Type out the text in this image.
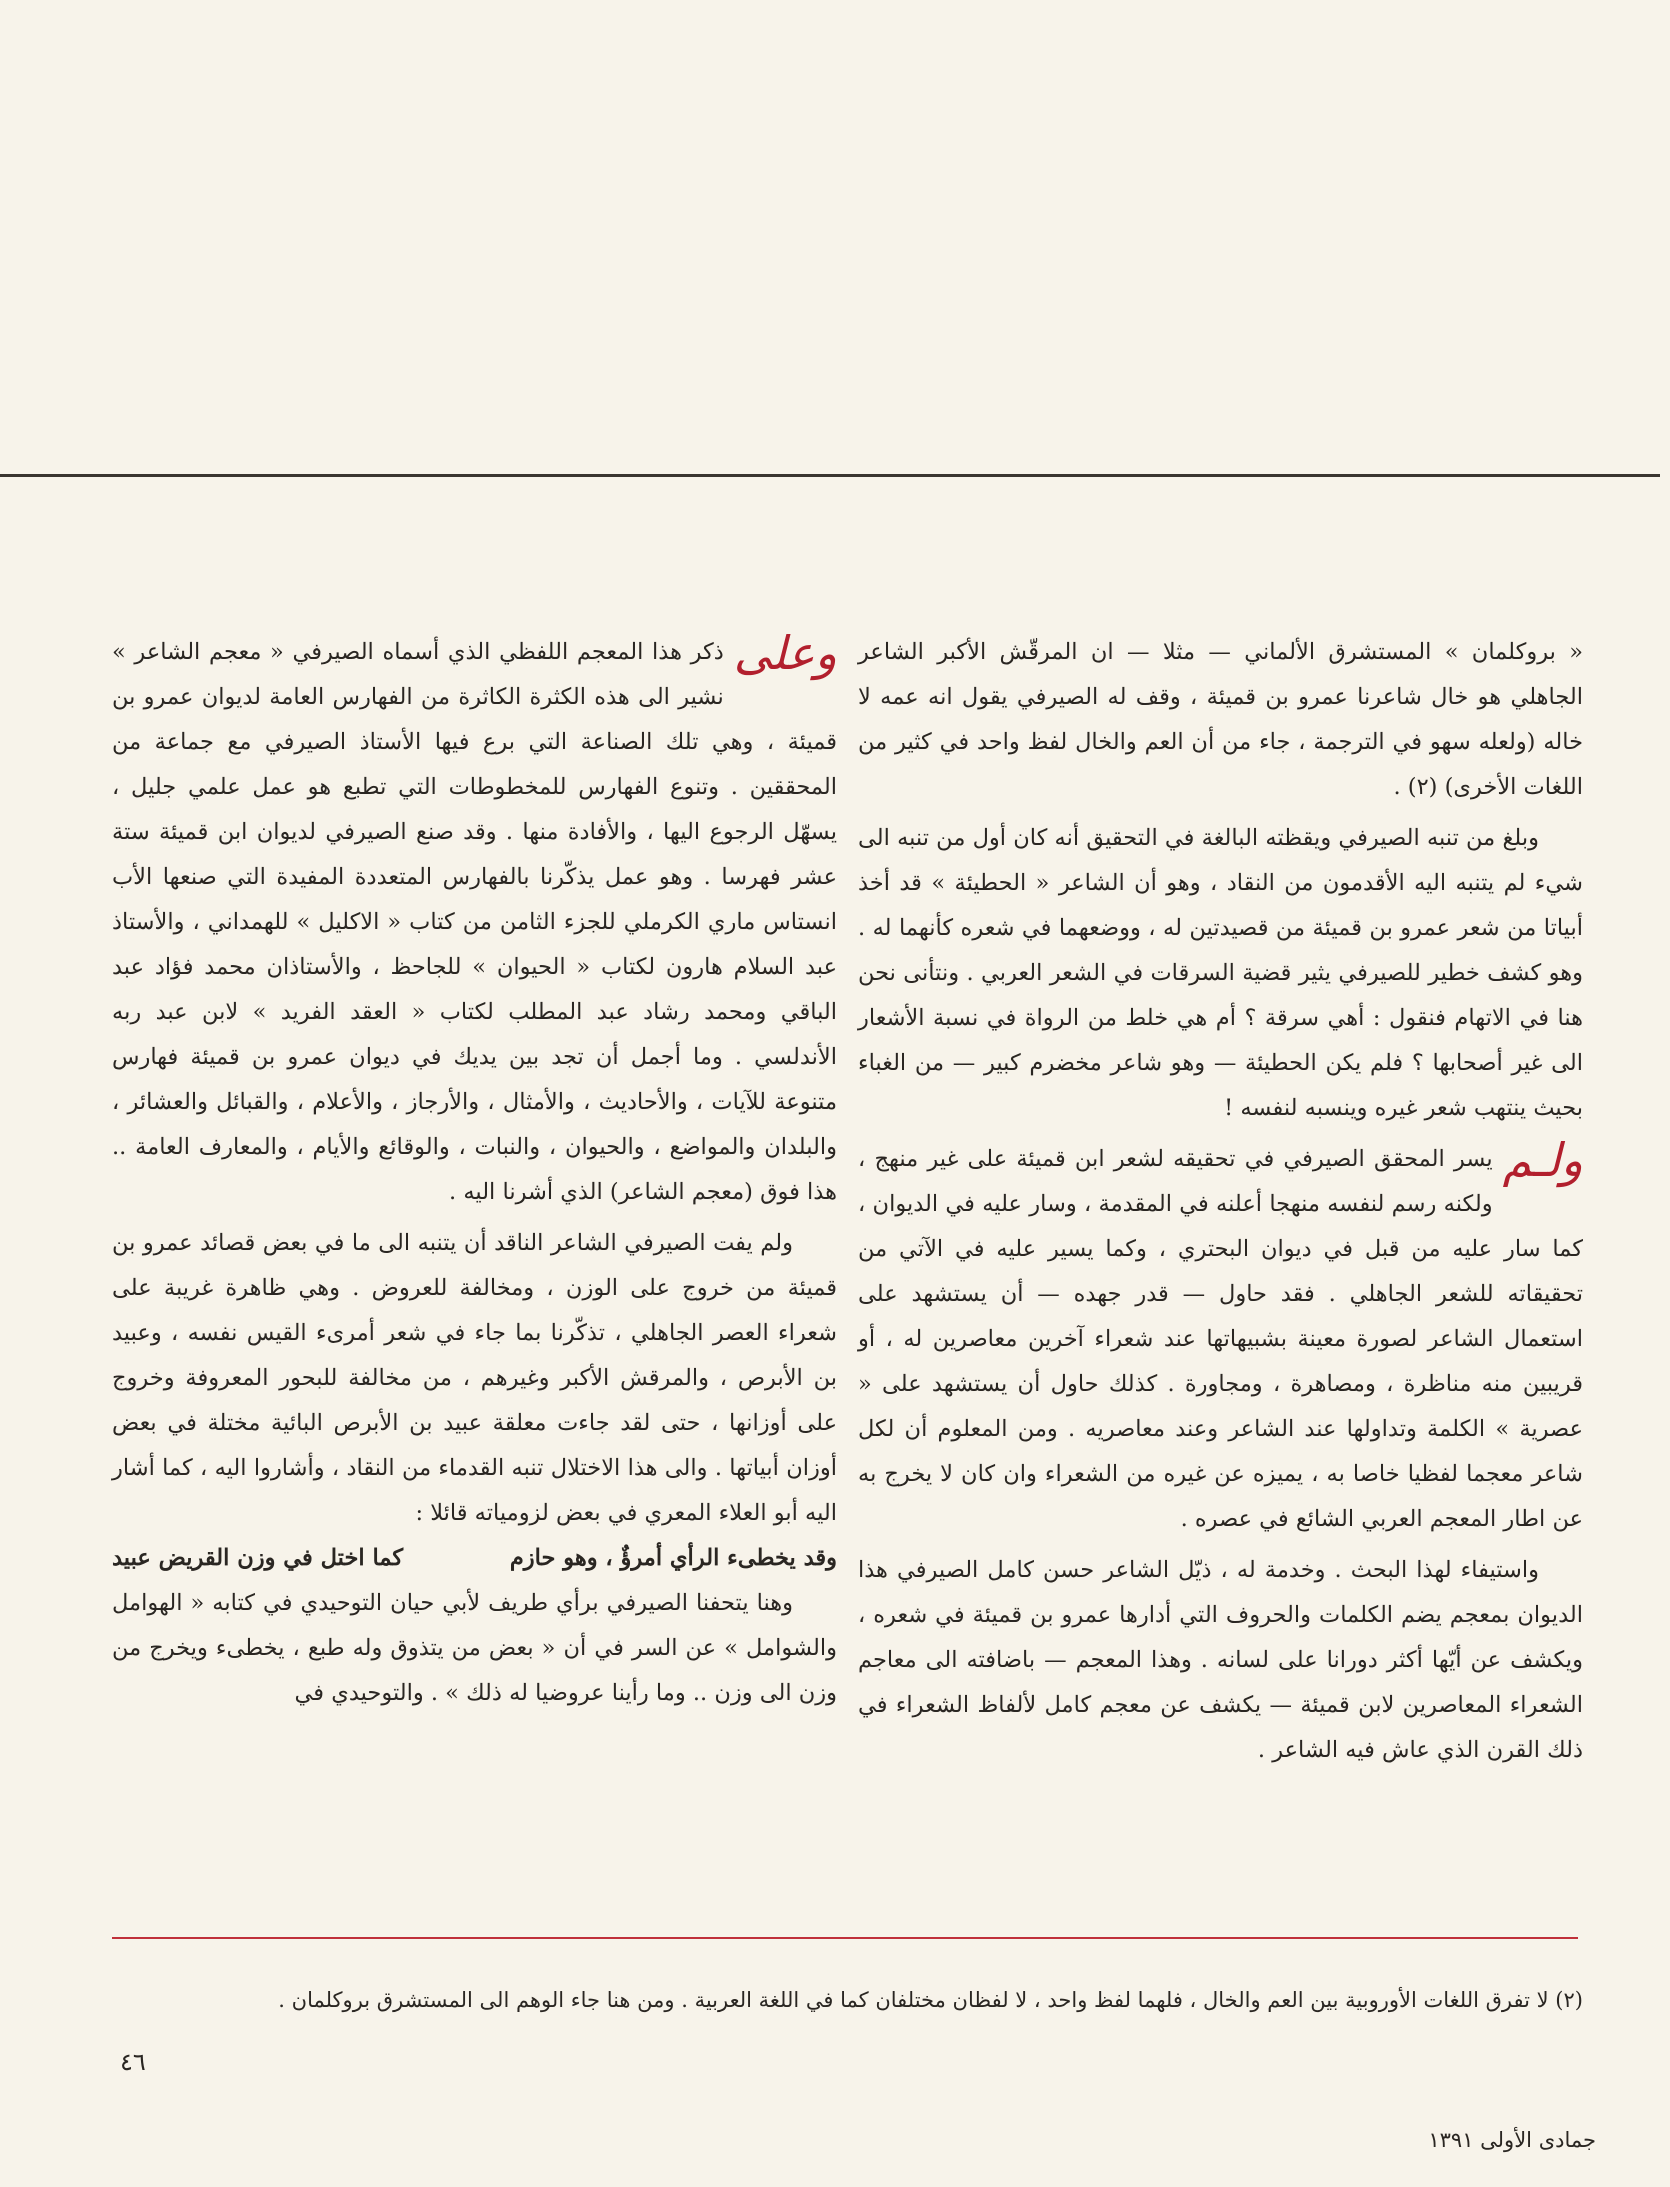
« بروكلمان » المستشرق الألماني — مثلا — ان المرقّش الأكبر الشاعر الجاهلي هو خال شاعرنا عمرو بن قميئة ، وقف له الصيرفي يقول انه عمه لا خاله (ولعله سهو في الترجمة ، جاء من أن العم والخال لفظ واحد في كثير من اللغات الأخرى) (٢) .

وبلغ من تنبه الصيرفي ويقظته البالغة في التحقيق أنه كان أول من تنبه الى شيء لم يتنبه اليه الأقدمون من النقاد ، وهو أن الشاعر « الحطيئة » قد أخذ أبياتا من شعر عمرو بن قميئة من قصيدتين له ، ووضعهما في شعره كأنهما له . وهو كشف خطير للصيرفي يثير قضية السرقات في الشعر العربي . ونتأنى نحن هنا في الاتهام فنقول : أهي سرقة ؟ أم هي خلط من الرواة في نسبة الأشعار الى غير أصحابها ؟ فلم يكن الحطيئة — وهو شاعر مخضرم كبير — من الغباء بحيث ينتهب شعر غيره وينسبه لنفسه !

ولـم
يسر المحقق الصيرفي في تحقيقه لشعر ابن قميئة على غير منهج ، ولكنه رسم لنفسه منهجا أعلنه في المقدمة ، وسار عليه في الديوان ، كما سار عليه من قبل في ديوان البحتري ، وكما يسير عليه في الآتي من تحقيقاته للشعر الجاهلي . فقد حاول — قدر جهده — أن يستشهد على استعمال الشاعر لصورة معينة بشبيهاتها عند شعراء آخرين معاصرين له ، أو قريبين منه مناظرة ، ومصاهرة ، ومجاورة . كذلك حاول أن يستشهد على « عصرية » الكلمة وتداولها عند الشاعر وعند معاصريه . ومن المعلوم أن لكل شاعر معجما لفظيا خاصا به ، يميزه عن غيره من الشعراء وان كان لا يخرج به عن اطار المعجم العربي الشائع في عصره .

واستيفاء لهذا البحث . وخدمة له ، ذيّل الشاعر حسن كامل الصيرفي هذا الديوان بمعجم يضم الكلمات والحروف التي أدارها عمرو بن قميئة في شعره ، ويكشف عن أيّها أكثر دورانا على لسانه . وهذا المعجم — باضافته الى معاجم الشعراء المعاصرين لابن قميئة — يكشف عن معجم كامل لألفاظ الشعراء في ذلك القرن الذي عاش فيه الشاعر .

وعلى
ذكر هذا المعجم اللفظي الذي أسماه الصيرفي « معجم الشاعر » نشير الى هذه الكثرة الكاثرة من الفهارس العامة لديوان عمرو بن قميئة ، وهي تلك الصناعة التي برع فيها الأستاذ الصيرفي مع جماعة من المحققين . وتنوع الفهارس للمخطوطات التي تطبع هو عمل علمي جليل ، يسهّل الرجوع اليها ، والأفادة منها . وقد صنع الصيرفي لديوان ابن قميئة ستة عشر فهرسا . وهو عمل يذكّرنا بالفهارس المتعددة المفيدة التي صنعها الأب انستاس ماري الكرملي للجزء الثامن من كتاب « الاكليل » للهمداني ، والأستاذ عبد السلام هارون لكتاب « الحيوان » للجاحظ ، والأستاذان محمد فؤاد عبد الباقي ومحمد رشاد عبد المطلب لكتاب « العقد الفريد » لابن عبد ربه الأندلسي . وما أجمل أن تجد بين يديك في ديوان عمرو بن قميئة فهارس متنوعة للآيات ، والأحاديث ، والأمثال ، والأرجاز ، والأعلام ، والقبائل والعشائر ، والبلدان والمواضع ، والحيوان ، والنبات ، والوقائع والأيام ، والمعارف العامة .. هذا فوق (معجم الشاعر) الذي أشرنا اليه .

ولم يفت الصيرفي الشاعر الناقد أن يتنبه الى ما في بعض قصائد عمرو بن قميئة من خروج على الوزن ، ومخالفة للعروض . وهي ظاهرة غريبة على شعراء العصر الجاهلي ، تذكّرنا بما جاء في شعر أمرىء القيس نفسه ، وعبيد بن الأبرص ، والمرقش الأكبر وغيرهم ، من مخالفة للبحور المعروفة وخروج على أوزانها ، حتى لقد جاءت معلقة عبيد بن الأبرص البائية مختلة في بعض أوزان أبياتها . والى هذا الاختلال تنبه القدماء من النقاد ، وأشاروا اليه ، كما أشار اليه أبو العلاء المعري في بعض لزومياته قائلا :

وقد يخطىء الرأي أمرؤٌ ، وهو حازم
كما اختل في وزن القريض عبيد

وهنا يتحفنا الصيرفي برأي طريف لأبي حيان التوحيدي في كتابه « الهوامل والشوامل » عن السر في أن « بعض من يتذوق وله طبع ، يخطىء ويخرج من وزن الى وزن .. وما رأينا عروضيا له ذلك » . والتوحيدي في

(٢) لا تفرق اللغات الأوروبية بين العم والخال ، فلهما لفظ واحد ، لا لفظان مختلفان كما في اللغة العربية . ومن هنا جاء الوهم الى المستشرق بروكلمان .
٤٦
جمادى الأولى ١٣٩١
